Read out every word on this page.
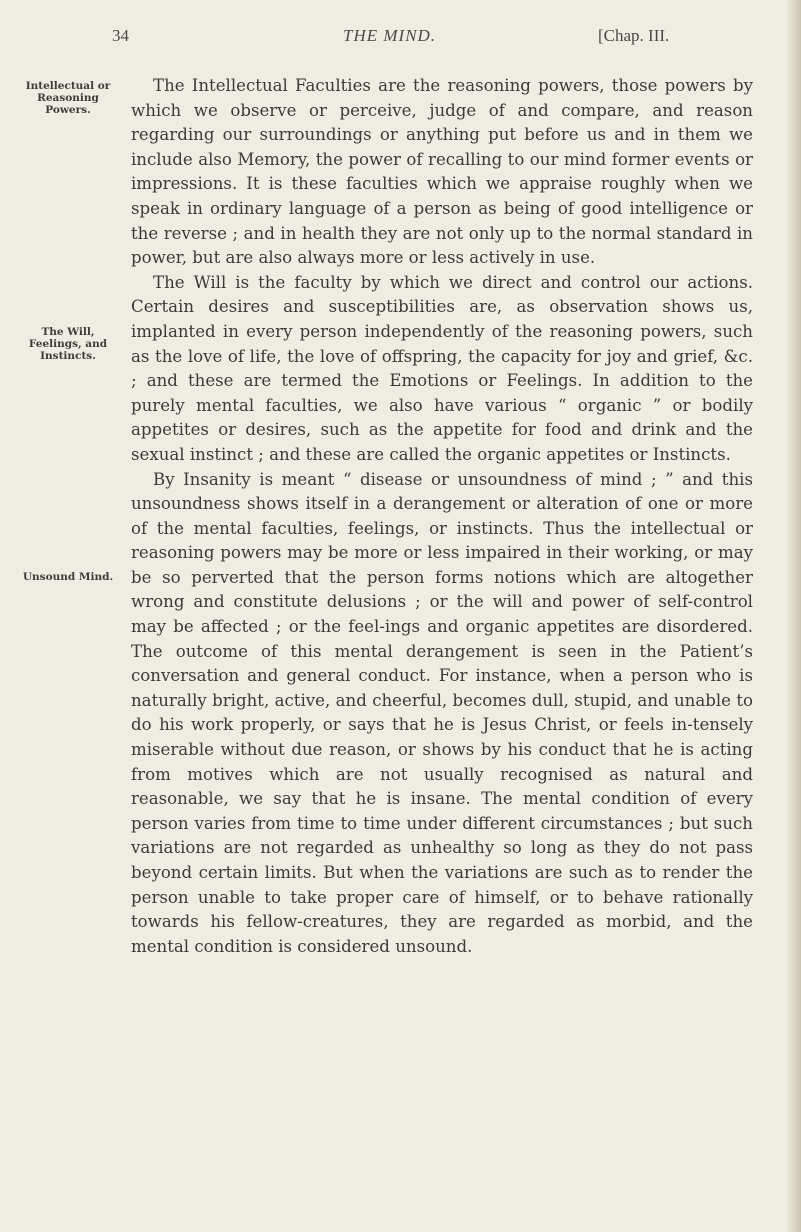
34	THE MIND.	[Chap. III.
Intellectual or Reasoning Powers.
The Will, Feelings, and Instincts.
Unsound Mind.

The Intellectual Faculties are the reasoning powers, those powers by which we observe or perceive, judge of and compare, and reason regarding our surroundings or anything put before us and in them we include also Memory, the power of recalling to our mind former events or impressions. It is these faculties which we appraise roughly when we speak in ordinary language of a person as being of good intelligence or the reverse ; and in health they are not only up to the normal standard in power, but are also always more or less actively in use.

The Will is the faculty by which we direct and control our actions. Certain desires and susceptibilities are, as observation shows us, implanted in every person independently of the reasoning powers, such as the love of life, the love of offspring, the capacity for joy and grief, &c. ; and these are termed the Emotions or Feelings. In addition to the purely mental faculties, we also have various “ organic ” or bodily appetites or desires, such as the appetite for food and drink and the sexual instinct ; and these are called the organic appetites or Instincts.

By Insanity is meant “ disease or unsoundness of mind ; ” and this unsoundness shows itself in a derangement or alteration of one or more of the mental faculties, feelings, or instincts. Thus the intellectual or reasoning powers may be more or less impaired in their working, or may be so perverted that the person forms notions which are altogether wrong and constitute delusions ; or the will and power of self-control may be affected ; or the feel-ings and organic appetites are disordered. The outcome of this mental derangement is seen in the Patient’s conversation and general conduct. For instance, when a person who is naturally bright, active, and cheerful, becomes dull, stupid, and unable to do his work properly, or says that he is Jesus Christ, or feels in-tensely miserable without due reason, or shows by his conduct that he is acting from motives which are not usually recognised as natural and reasonable, we say that he is insane. The mental condition of every person varies from time to time under different circumstances ; but such variations are not regarded as unhealthy so long as they do not pass beyond certain limits. But when the variations are such as to render the person unable to take proper care of himself, or to behave rationally towards his fellow-creatures, they are regarded as morbid, and the mental condition is considered unsound.
